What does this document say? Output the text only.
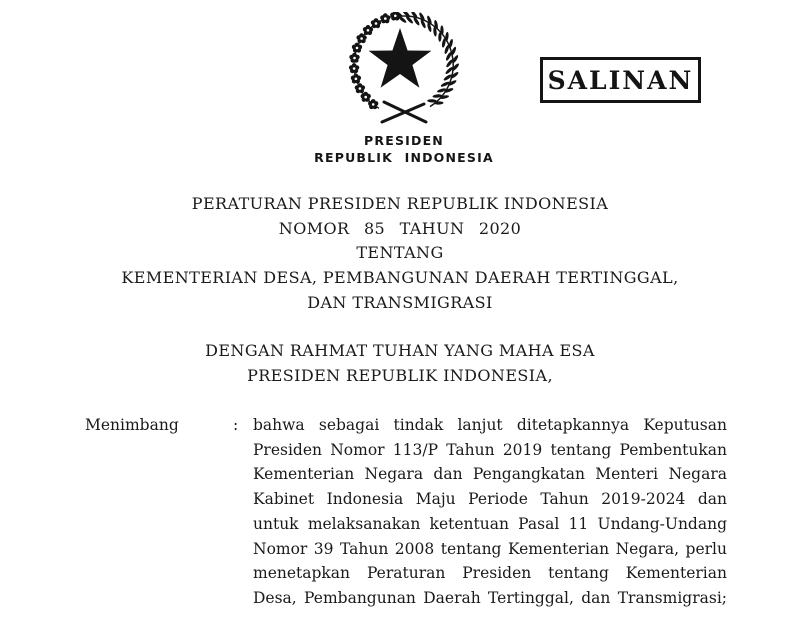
SALINAN
PRESIDEN
REPUBLIK INDONESIA
PERATURAN PRESIDEN REPUBLIK INDONESIA
NOMOR 85 TAHUN 2020
TENTANG
KEMENTERIAN DESA, PEMBANGUNAN DAERAH TERTINGGAL,
DAN TRANSMIGRASI
DENGAN RAHMAT TUHAN YANG MAHA ESA
PRESIDEN REPUBLIK INDONESIA,
Menimbang	: bahwa sebagai tindak lanjut ditetapkannya Keputusan
Presiden Nomor 113/P Tahun 2019 tentang Pembentukan
Kementerian Negara dan Pengangkatan Menteri Negara
Kabinet Indonesia Maju Periode Tahun 2019-2024 dan
untuk melaksanakan ketentuan Pasal 11 Undang-Undang
Nomor 39 Tahun 2008 tentang Kementerian Negara, perlu
menetapkan Peraturan Presiden tentang Kementerian
Desa, Pembangunan Daerah Tertinggal, dan Transmigrasi;
